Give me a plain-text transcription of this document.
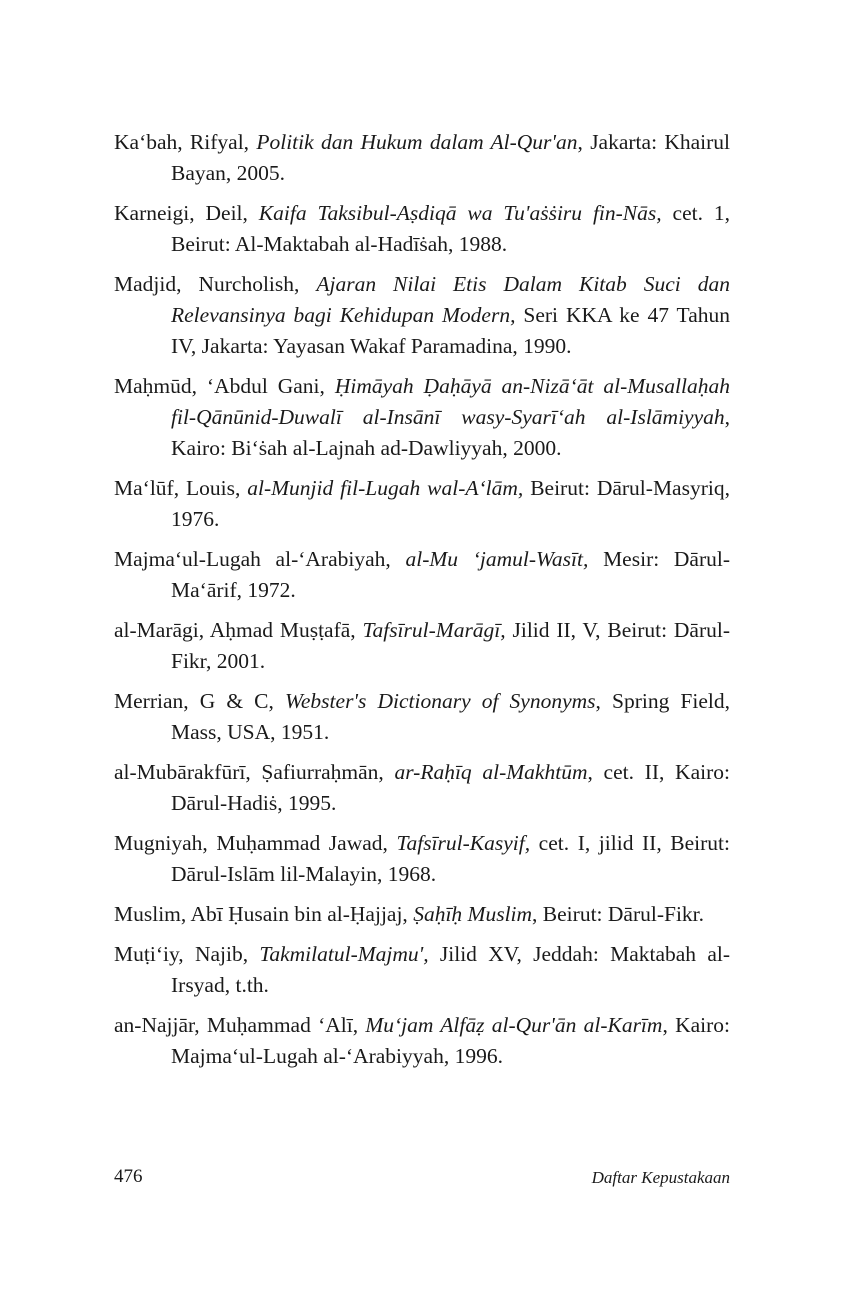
Ka‘bah, Rifyal, Politik dan Hukum dalam Al-Qur'an, Jakarta: Khairul Bayan, 2005.
Karneigi, Deil, Kaifa Taksibul-Aṣdiqā wa Tu'aṡṡiru fin-Nās, cet. 1, Beirut: Al-Maktabah al-Hadīṡah, 1988.
Madjid, Nurcholish, Ajaran Nilai Etis Dalam Kitab Suci dan Relevansinya bagi Kehidupan Modern, Seri KKA ke 47 Tahun IV, Jakarta: Yayasan Wakaf Paramadina, 1990.
Maḥmūd, ‘Abdul Gani, Ḥimāyah Ḍaḥāyā an-Nizā‘āt al-Musallaḥah fil-Qānūnid-Duwalī al-Insānī wasy-Syarī‘ah al-Islāmiyyah, Kairo: Bi‘ṡah al-Lajnah ad-Dawliyyah, 2000.
Ma‘lūf, Louis, al-Munjid fil-Lugah wal-A‘lām, Beirut: Dārul-Masyriq, 1976.
Majma‘ul-Lugah al-‘Arabiyah, al-Mu ‘jamul-Wasīt, Mesir: Dārul-Ma‘ārif, 1972.
al-Marāgi, Aḥmad Muṣṭafā, Tafsīrul-Marāgī, Jilid II, V, Beirut: Dārul-Fikr, 2001.
Merrian, G & C, Webster's Dictionary of Synonyms, Spring Field, Mass, USA, 1951.
al-Mubārakfūrī, Ṣafiurraḥmān, ar-Raḥīq al-Makhtūm, cet. II, Kairo: Dārul-Hadiṡ, 1995.
Mugniyah, Muḥammad Jawad, Tafsīrul-Kasyif, cet. I, jilid II, Beirut: Dārul-Islām lil-Malayin, 1968.
Muslim, Abī Ḥusain bin al-Ḥajjaj, Ṣaḥīḥ Muslim, Beirut: Dārul-Fikr.
Muṭi‘iy, Najib, Takmilatul-Majmu', Jilid XV, Jeddah: Maktabah al-Irsyad, t.th.
an-Najjār, Muḥammad ‘Alī, Mu‘jam Alfāẓ al-Qur'ān al-Karīm, Kairo: Majma‘ul-Lugah al-‘Arabiyyah, 1996.
476	Daftar Kepustakaan
